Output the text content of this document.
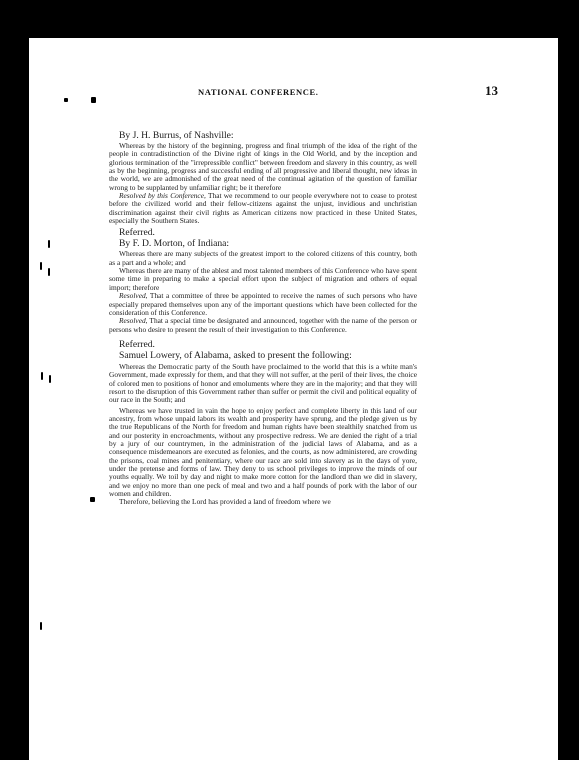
NATIONAL CONFERENCE.	13

By J. H. Burrus, of Nashville:

Whereas by the history of the beginning, progress and final triumph of the idea of the right of the people in contradistinction of the Divine right of kings in the Old World, and by the inception and glorious termination of the "irrepressible conflict" between freedom and slavery in this country, as well as by the beginning, progress and successful ending of all progressive and liberal thought, new ideas in the world, we are admonished of the great need of the continual agitation of the question of familiar wrong to be supplanted by unfamiliar right; be it therefore

Resolved by this Conference, That we recommend to our people everywhere not to cease to protest before the civilized world and their fellow-citizens against the unjust, invidious and unchristian discrimination against their civil rights as American citizens now practiced in these United States, especially the Southern States.

Referred.

By F. D. Morton, of Indiana:

Whereas there are many subjects of the greatest import to the colored citizens of this country, both as a part and a whole; and

Whereas there are many of the ablest and most talented members of this Conference who have spent some time in preparing to make a special effort upon the subject of migration and others of equal import; therefore

Resolved, That a committee of three be appointed to receive the names of such persons who have especially prepared themselves upon any of the important questions which have been collected for the consideration of this Conference.

Resolved, That a special time be designated and announced, together with the name of the person or persons who desire to present the result of their investigation to this Conference.

Referred.

Samuel Lowery, of Alabama, asked to present the following:

Whereas the Democratic party of the South have proclaimed to the world that this is a white man's Government, made expressly for them, and that they will not suffer, at the peril of their lives, the choice of colored men to positions of honor and emoluments where they are in the majority; and that they will resort to the disruption of this Government rather than suffer or permit the civil and political equality of our race in the South; and

Whereas we have trusted in vain the hope to enjoy perfect and complete liberty in this land of our ancestry, from whose unpaid labors its wealth and prosperity have sprung, and the pledge given us by the true Republicans of the North for freedom and human rights have been stealthily snatched from us and our posterity in encroachments, without any prospective redress. We are denied the right of a trial by a jury of our countrymen, in the administration of the judicial laws of Alabama, and as a consequence misdemeanors are executed as felonies, and the courts, as now administered, are crowding the prisons, coal mines and penitentiary, where our race are sold into slavery as in the days of yore, under the pretense and forms of law. They deny to us school privileges to improve the minds of our youths equally. We toil by day and night to make more cotton for the landlord than we did in slavery, and we enjoy no more than one peck of meal and two and a half pounds of pork with the labor of our women and children.

Therefore, believing the Lord has provided a land of freedom where we
